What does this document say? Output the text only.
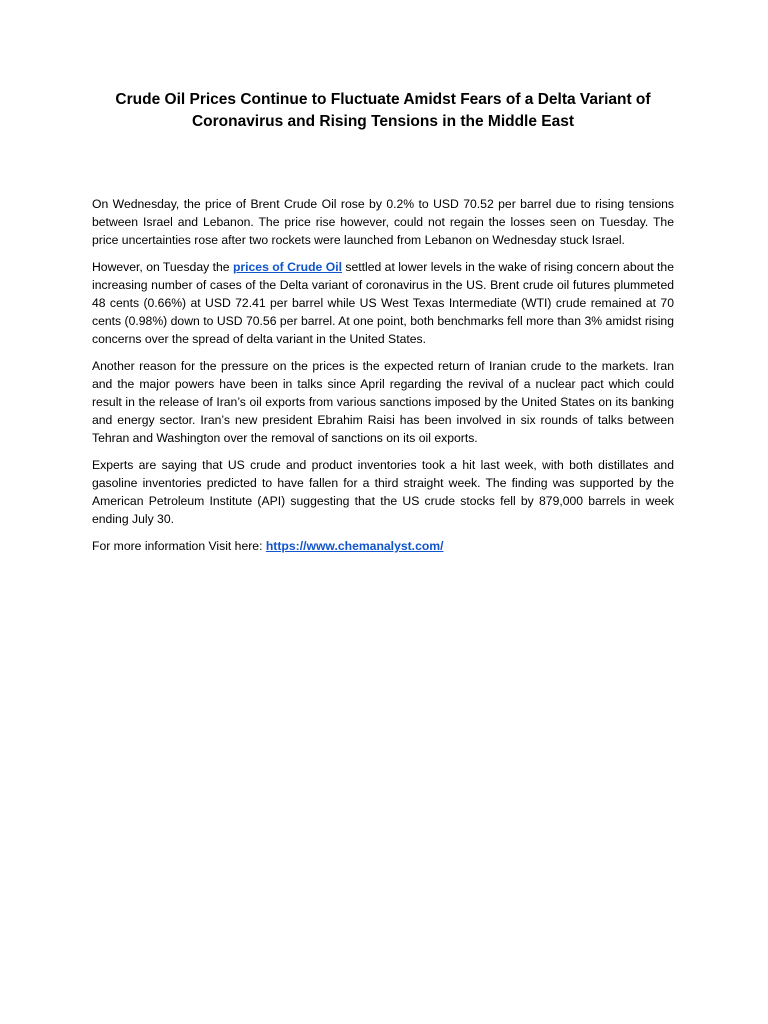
Crude Oil Prices Continue to Fluctuate Amidst Fears of a Delta Variant of Coronavirus and Rising Tensions in the Middle East

On Wednesday, the price of Brent Crude Oil rose by 0.2% to USD 70.52 per barrel due to rising tensions between Israel and Lebanon. The price rise however, could not regain the losses seen on Tuesday. The price uncertainties rose after two rockets were launched from Lebanon on Wednesday stuck Israel.

However, on Tuesday the prices of Crude Oil settled at lower levels in the wake of rising concern about the increasing number of cases of the Delta variant of coronavirus in the US. Brent crude oil futures plummeted 48 cents (0.66%) at USD 72.41 per barrel while US West Texas Intermediate (WTI) crude remained at 70 cents (0.98%) down to USD 70.56 per barrel. At one point, both benchmarks fell more than 3% amidst rising concerns over the spread of delta variant in the United States.

Another reason for the pressure on the prices is the expected return of Iranian crude to the markets. Iran and the major powers have been in talks since April regarding the revival of a nuclear pact which could result in the release of Iran’s oil exports from various sanctions imposed by the United States on its banking and energy sector. Iran’s new president Ebrahim Raisi has been involved in six rounds of talks between Tehran and Washington over the removal of sanctions on its oil exports.

Experts are saying that US crude and product inventories took a hit last week, with both distillates and gasoline inventories predicted to have fallen for a third straight week. The finding was supported by the American Petroleum Institute (API) suggesting that the US crude stocks fell by 879,000 barrels in week ending July 30.

For more information Visit here: https://www.chemanalyst.com/
